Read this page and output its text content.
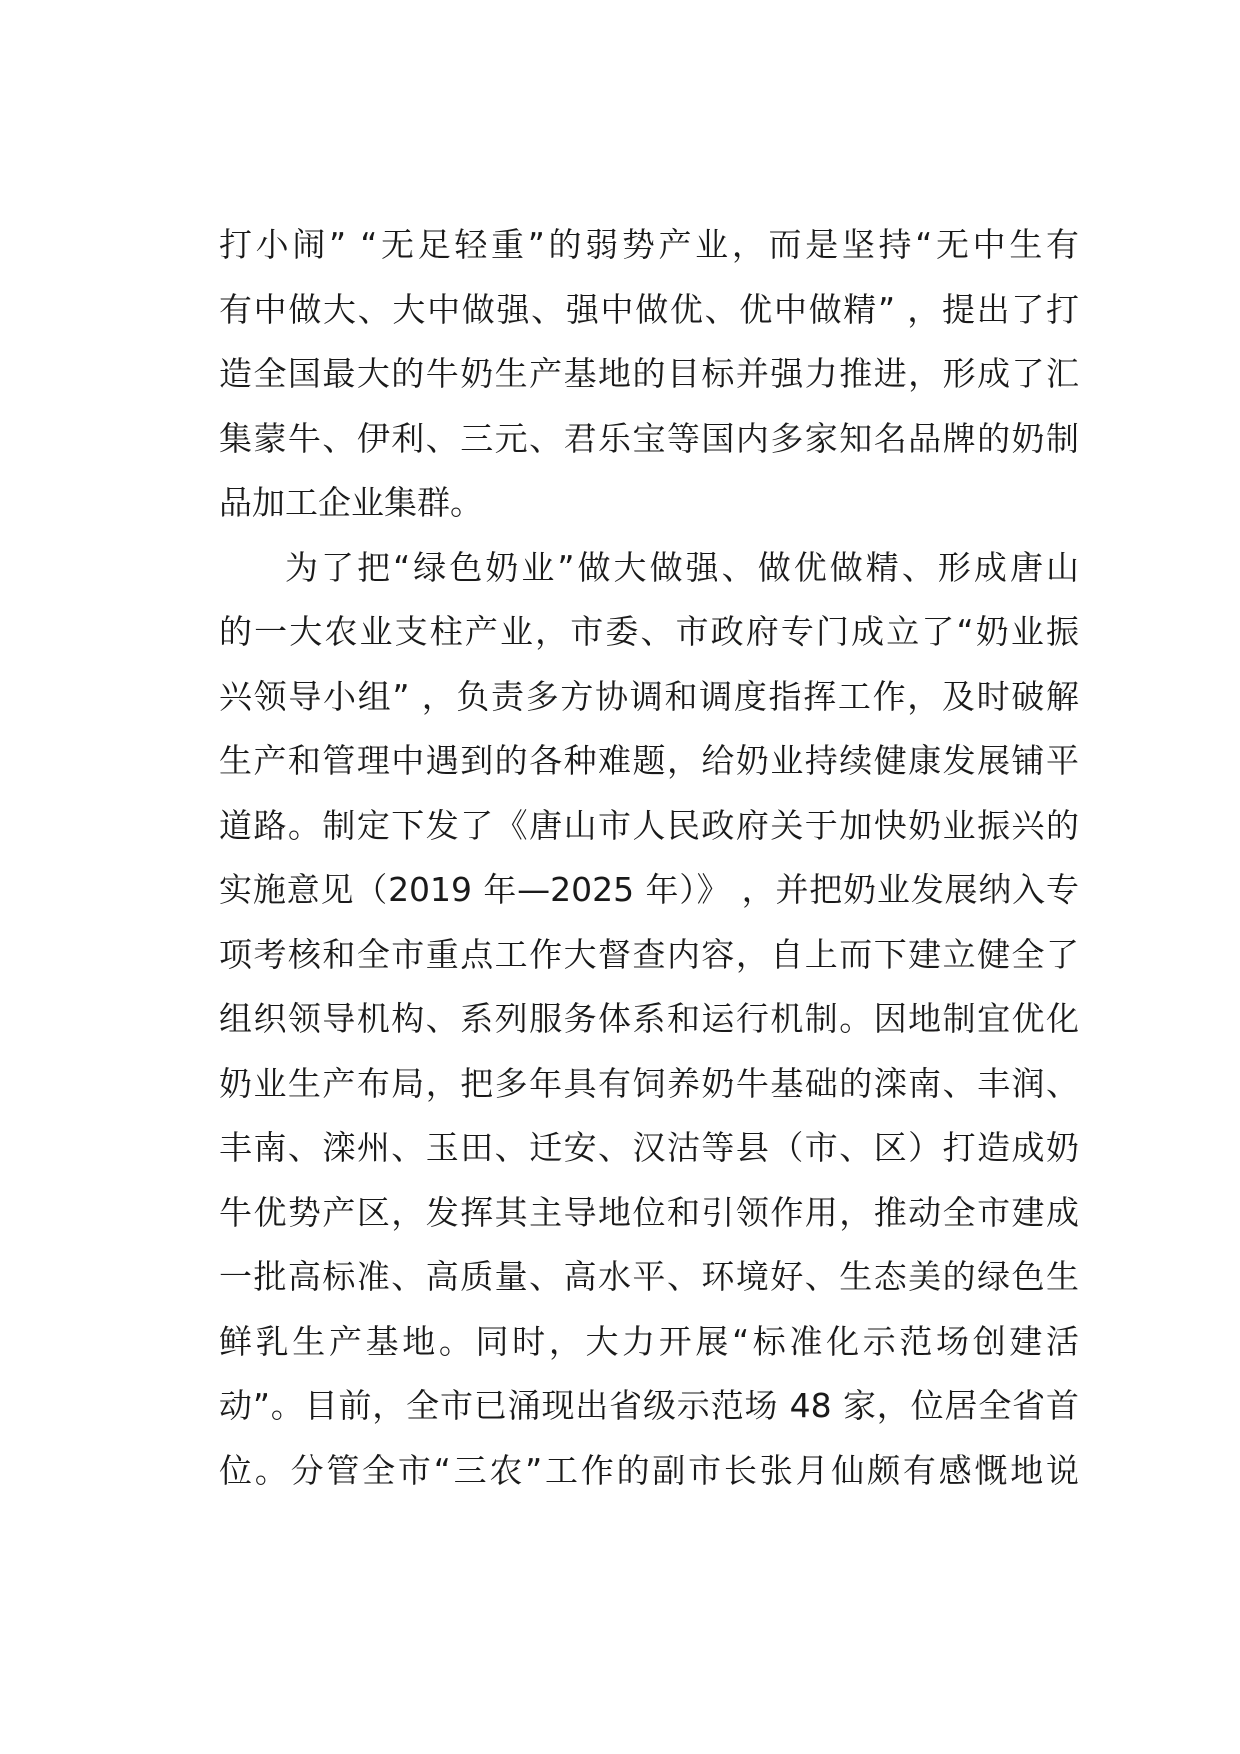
打小闹” “无足轻重”的弱势产业，而是坚持“无中生有
有中做大、大中做强、强中做优、优中做精” ，提出了打
造全国最大的牛奶生产基地的目标并强力推进，形成了汇
集蒙牛、伊利、三元、君乐宝等国内多家知名品牌的奶制
品加工企业集群。
为了把“绿色奶业”做大做强、做优做精、形成唐山
的一大农业支柱产业，市委、市政府专门成立了“奶业振
兴领导小组” ，负责多方协调和调度指挥工作，及时破解
生产和管理中遇到的各种难题，给奶业持续健康发展铺平
道路。制定下发了《唐山市人民政府关于加快奶业振兴的
实施意见（2019 年—2025 年）》 ，并把奶业发展纳入专
项考核和全市重点工作大督查内容，自上而下建立健全了
组织领导机构、系列服务体系和运行机制。因地制宜优化
奶业生产布局，把多年具有饲养奶牛基础的滦南、丰润、
丰南、滦州、玉田、迁安、汉沽等县（市、区）打造成奶
牛优势产区，发挥其主导地位和引领作用，推动全市建成
一批高标准、高质量、高水平、环境好、生态美的绿色生
鲜乳生产基地。同时，大力开展“标准化示范场创建活
动”。目前，全市已涌现出省级示范场 48 家，位居全省首
位。分管全市“三农”工作的副市长张月仙颇有感慨地说
